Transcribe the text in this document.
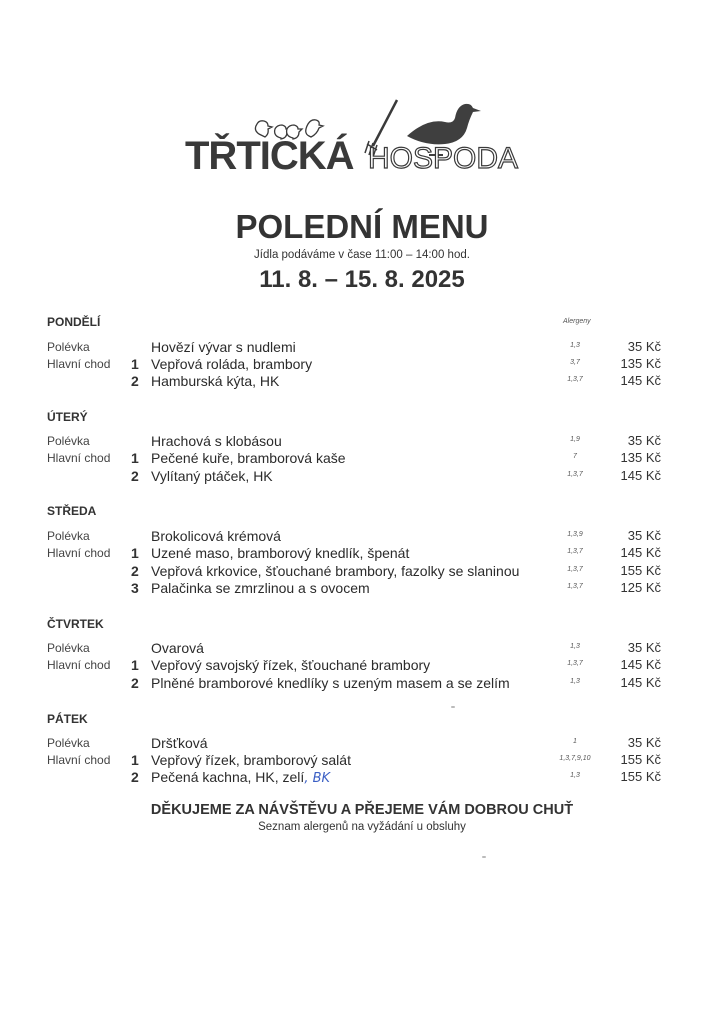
TŘTICKÁ HOSPODA
POLEDNÍ MENU
Jídla podáváme v čase 11:00 – 14:00 hod.
11. 8. – 15. 8. 2025
Alergeny
PONDĚLÍ
Polévka	Hovězí vývar s nudlemi	1,3	35 Kč
Hlavní chod 1 Vepřová roláda, brambory	3,7	135 Kč
2 Hamburská kýta, HK	1,3,7	145 Kč
ÚTERÝ
Polévka	Hrachová s klobásou	1,9	35 Kč
Hlavní chod 1 Pečené kuře, bramborová kaše	7	135 Kč
2 Vylítaný ptáček, HK	1,3,7	145 Kč
STŘEDA
Polévka	Brokolicová krémová	1,3,9	35 Kč
Hlavní chod 1 Uzené maso, bramborový knedlík, špenát	1,3,7	145 Kč
2 Vepřová krkovice, šťouchané brambory, fazolky se slaninou	1,3,7	155 Kč
3 Palačinka se zmrzlinou a s ovocem	1,3,7	125 Kč
ČTVRTEK
Polévka	Ovarová	1,3	35 Kč
Hlavní chod 1 Vepřový savojský řízek, šťouchané brambory	1,3,7	145 Kč
2 Plněné bramborové knedlíky s uzeným masem a se zelím	1,3	145 Kč
PÁTEK
Polévka	Dršťková	1	35 Kč
Hlavní chod 1 Vepřový řízek, bramborový salát	1,3,7,9,10	155 Kč
2 Pečená kachna, HK, zelí, BK	1,3	155 Kč
DĚKUJEME ZA NÁVŠTĚVU A PŘEJEME VÁM DOBROU CHUŤ
Seznam alergenů na vyžádání u obsluhy
